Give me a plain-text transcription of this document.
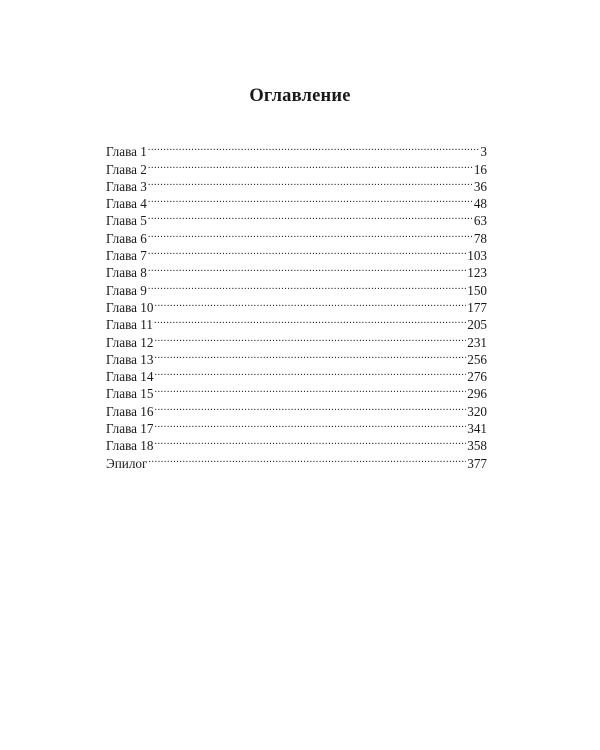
Оглавление
Глава 1 .....	3
Глава 2 .....	16
Глава 3 .....	36
Глава 4 .....	48
Глава 5 .....	63
Глава 6 .....	78
Глава 7 .....	103
Глава 8 .....	123
Глава 9 .....	150
Глава 10 .....	177
Глава 11 .....	205
Глава 12 .....	231
Глава 13 .....	256
Глава 14 .....	276
Глава 15 .....	296
Глава 16 .....	320
Глава 17 .....	341
Глава 18 .....	358
Эпилог .....	377
